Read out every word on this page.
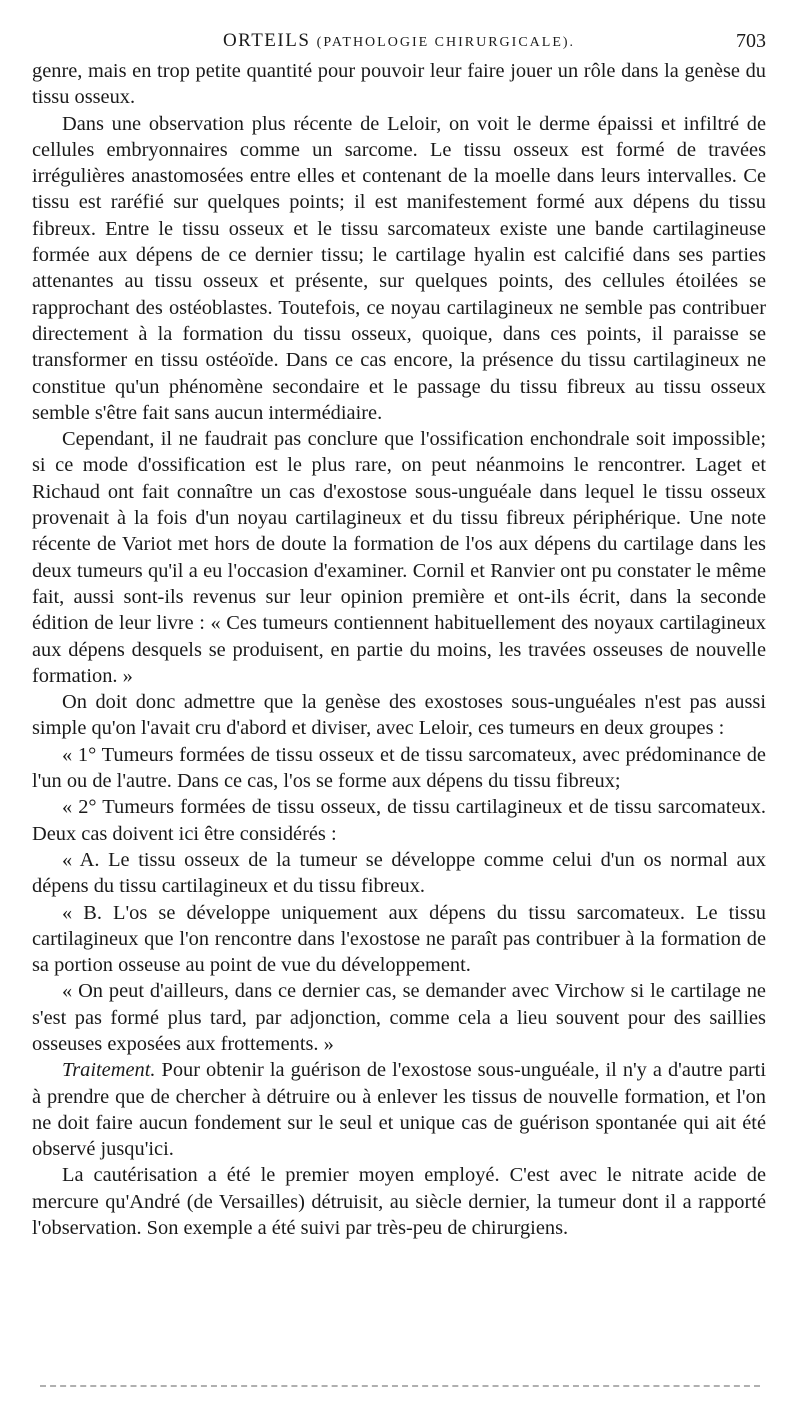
ORTEILS (PATHOLOGIE CHIRURGICALE).	703

genre, mais en trop petite quantité pour pouvoir leur faire jouer un rôle dans la genèse du tissu osseux.

Dans une observation plus récente de Leloir, on voit le derme épaissi et infiltré de cellules embryonnaires comme un sarcome. Le tissu osseux est formé de travées irrégulières anastomosées entre elles et contenant de la moelle dans leurs intervalles. Ce tissu est raréfié sur quelques points; il est manifestement formé aux dépens du tissu fibreux. Entre le tissu osseux et le tissu sarcomateux existe une bande cartilagineuse formée aux dépens de ce dernier tissu; le cartilage hyalin est calcifié dans ses parties attenantes au tissu osseux et présente, sur quelques points, des cellules étoilées se rapprochant des ostéoblastes. Toutefois, ce noyau cartilagineux ne semble pas contribuer directement à la formation du tissu osseux, quoique, dans ces points, il paraisse se transformer en tissu ostéoïde. Dans ce cas encore, la présence du tissu cartilagineux ne constitue qu'un phénomène secondaire et le passage du tissu fibreux au tissu osseux semble s'être fait sans aucun intermédiaire.

Cependant, il ne faudrait pas conclure que l'ossification enchondrale soit impossible; si ce mode d'ossification est le plus rare, on peut néanmoins le rencontrer. Laget et Richaud ont fait connaître un cas d'exostose sous-unguéale dans lequel le tissu osseux provenait à la fois d'un noyau cartilagineux et du tissu fibreux périphérique. Une note récente de Variot met hors de doute la formation de l'os aux dépens du cartilage dans les deux tumeurs qu'il a eu l'occasion d'examiner. Cornil et Ranvier ont pu constater le même fait, aussi sont-ils revenus sur leur opinion première et ont-ils écrit, dans la seconde édition de leur livre : « Ces tumeurs contiennent habituellement des noyaux cartilagineux aux dépens desquels se produisent, en partie du moins, les travées osseuses de nouvelle formation. »

On doit donc admettre que la genèse des exostoses sous-unguéales n'est pas aussi simple qu'on l'avait cru d'abord et diviser, avec Leloir, ces tumeurs en deux groupes :

« 1° Tumeurs formées de tissu osseux et de tissu sarcomateux, avec prédominance de l'un ou de l'autre. Dans ce cas, l'os se forme aux dépens du tissu fibreux;

« 2° Tumeurs formées de tissu osseux, de tissu cartilagineux et de tissu sarcomateux. Deux cas doivent ici être considérés :

« A. Le tissu osseux de la tumeur se développe comme celui d'un os normal aux dépens du tissu cartilagineux et du tissu fibreux.

« B. L'os se développe uniquement aux dépens du tissu sarcomateux. Le tissu cartilagineux que l'on rencontre dans l'exostose ne paraît pas contribuer à la formation de sa portion osseuse au point de vue du développement.

« On peut d'ailleurs, dans ce dernier cas, se demander avec Virchow si le cartilage ne s'est pas formé plus tard, par adjonction, comme cela a lieu souvent pour des saillies osseuses exposées aux frottements. »

Traitement. Pour obtenir la guérison de l'exostose sous-unguéale, il n'y a d'autre parti à prendre que de chercher à détruire ou à enlever les tissus de nouvelle formation, et l'on ne doit faire aucun fondement sur le seul et unique cas de guérison spontanée qui ait été observé jusqu'ici.

La cautérisation a été le premier moyen employé. C'est avec le nitrate acide de mercure qu'André (de Versailles) détruisit, au siècle dernier, la tumeur dont il a rapporté l'observation. Son exemple a été suivi par très-peu de chirurgiens.
